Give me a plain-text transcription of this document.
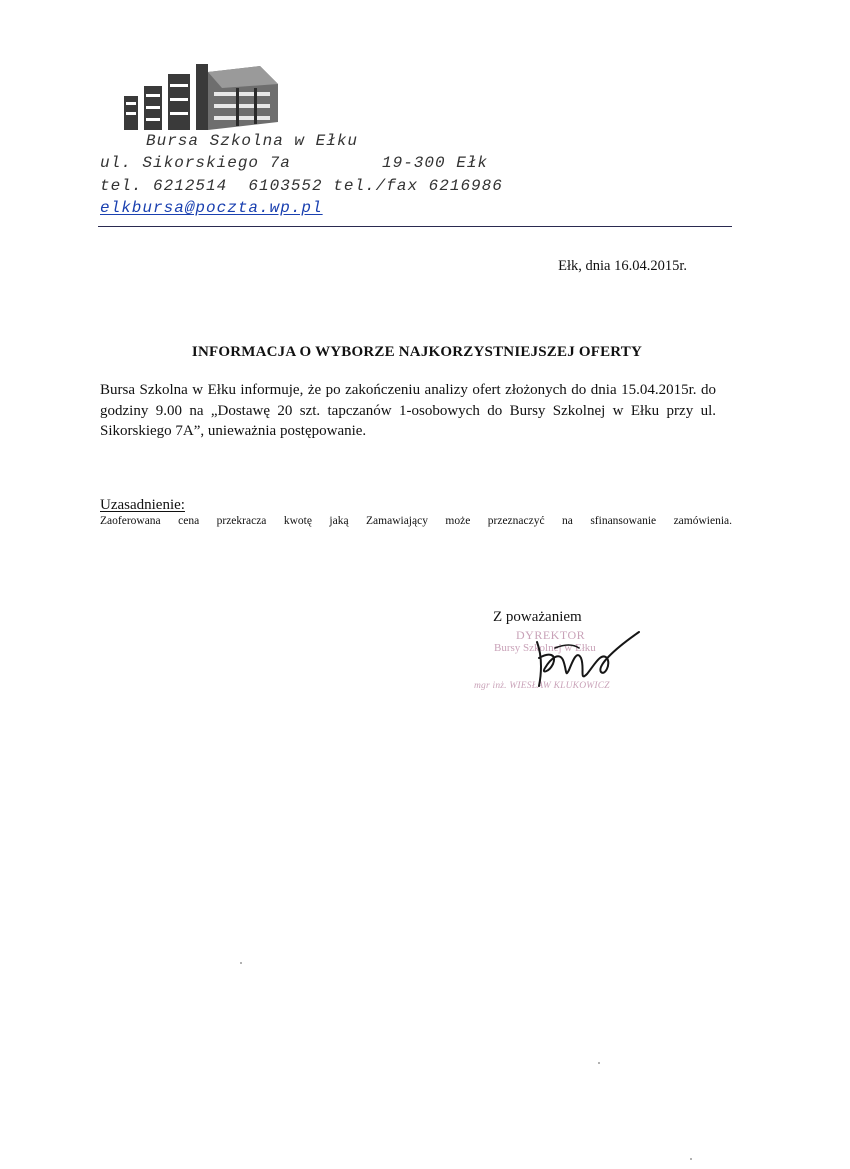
Bursa Szkolna w Ełku
ul. Sikorskiego 7a	19-300 Ełk
tel. 6212514  6103552 tel./fax 6216986
elkbursa@poczta.wp.pl
Ełk, dnia 16.04.2015r.
INFORMACJA O WYBORZE NAJKORZYSTNIEJSZEJ OFERTY
Bursa Szkolna w Ełku informuje, że po zakończeniu analizy ofert złożonych do dnia 15.04.2015r. do godziny 9.00 na „Dostawę 20 szt. tapczanów 1-osobowych do Bursy Szkolnej w Ełku przy ul. Sikorskiego 7A”, unieważnia postępowanie.
Uzasadnienie:
Zaoferowana cena przekracza kwotę jaką Zamawiający może przeznaczyć na sfinansowanie zamówienia.
Z poważaniem
DYREKTOR
Bursy Szkolnej w Ełku
mgr inż. WIESŁAW KLUKOWICZ
